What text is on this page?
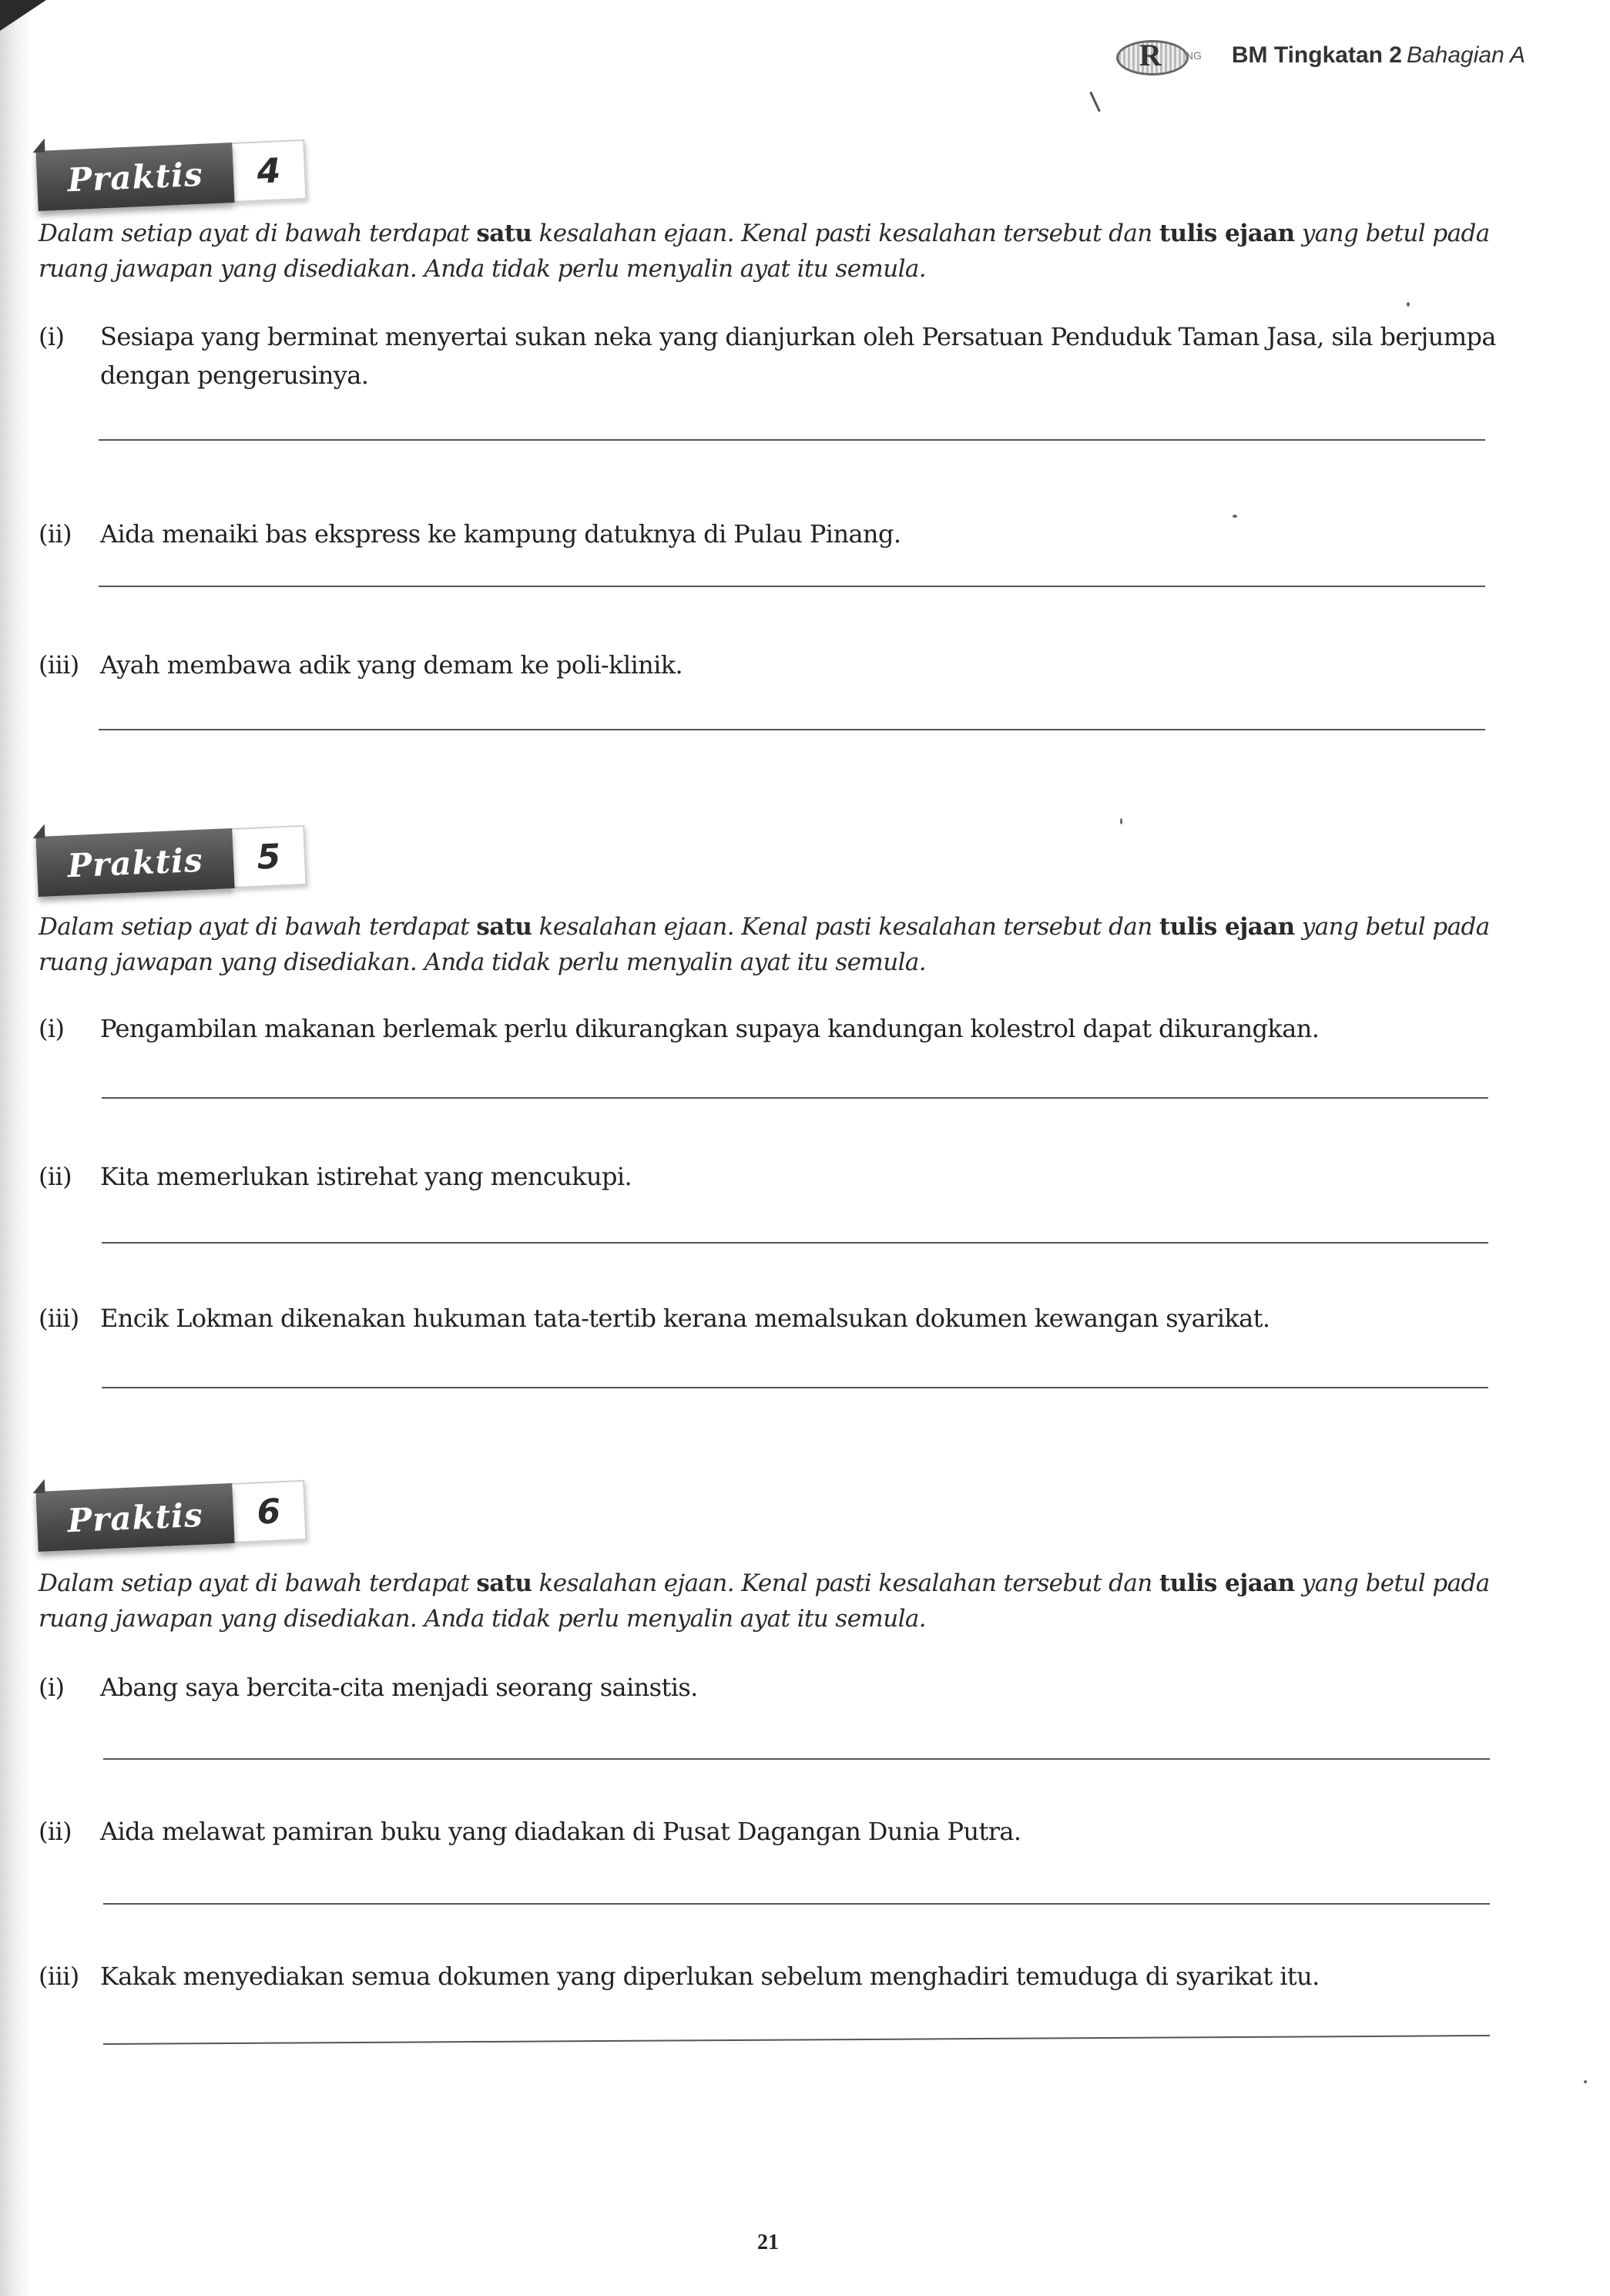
R NG BM Tingkatan 2 Bahagian A
Praktis	4
Dalam setiap ayat di bawah terdapat satu kesalahan ejaan. Kenal pasti kesalahan tersebut dan tulis ejaan yang betul pada ruang jawapan yang disediakan. Anda tidak perlu menyalin ayat itu semula.
(i)	Sesiapa yang berminat menyertai sukan neka yang dianjurkan oleh Persatuan Penduduk Taman Jasa, sila berjumpa dengan pengerusinya.
(ii)	Aida menaiki bas ekspress ke kampung datuknya di Pulau Pinang.
(iii) Ayah membawa adik yang demam ke poli-klinik.
Praktis	5
Dalam setiap ayat di bawah terdapat satu kesalahan ejaan. Kenal pasti kesalahan tersebut dan tulis ejaan yang betul pada ruang jawapan yang disediakan. Anda tidak perlu menyalin ayat itu semula.
(i)	Pengambilan makanan berlemak perlu dikurangkan supaya kandungan kolestrol dapat dikurangkan.
(ii)	Kita memerlukan istirehat yang mencukupi.
(iii) Encik Lokman dikenakan hukuman tata-tertib kerana memalsukan dokumen kewangan syarikat.
Praktis	6
Dalam setiap ayat di bawah terdapat satu kesalahan ejaan. Kenal pasti kesalahan tersebut dan tulis ejaan yang betul pada ruang jawapan yang disediakan. Anda tidak perlu menyalin ayat itu semula.
(i)	Abang saya bercita-cita menjadi seorang sainstis.
(ii)	Aida melawat pamiran buku yang diadakan di Pusat Dagangan Dunia Putra.
(iii) Kakak menyediakan semua dokumen yang diperlukan sebelum menghadiri temuduga di syarikat itu.
21
